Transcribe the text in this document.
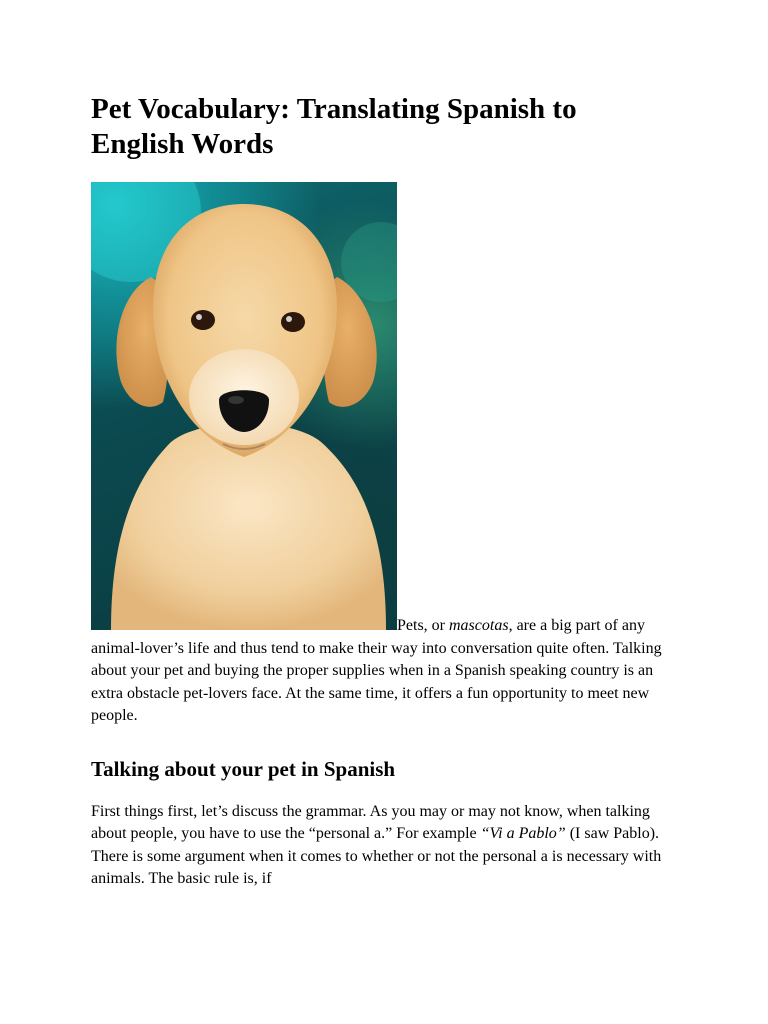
Pet Vocabulary: Translating Spanish to English Words

Pets, or mascotas, are a big part of any animal-lover’s life and thus tend to make their way into conversation quite often. Talking about your pet and buying the proper supplies when in a Spanish speaking country is an extra obstacle pet-lovers face. At the same time, it offers a fun opportunity to meet new people.

Talking about your pet in Spanish

First things first, let’s discuss the grammar. As you may or may not know, when talking about people, you have to use the “personal a.” For example “Vi a Pablo” (I saw Pablo). There is some argument when it comes to whether or not the personal a is necessary with animals. The basic rule is, if
